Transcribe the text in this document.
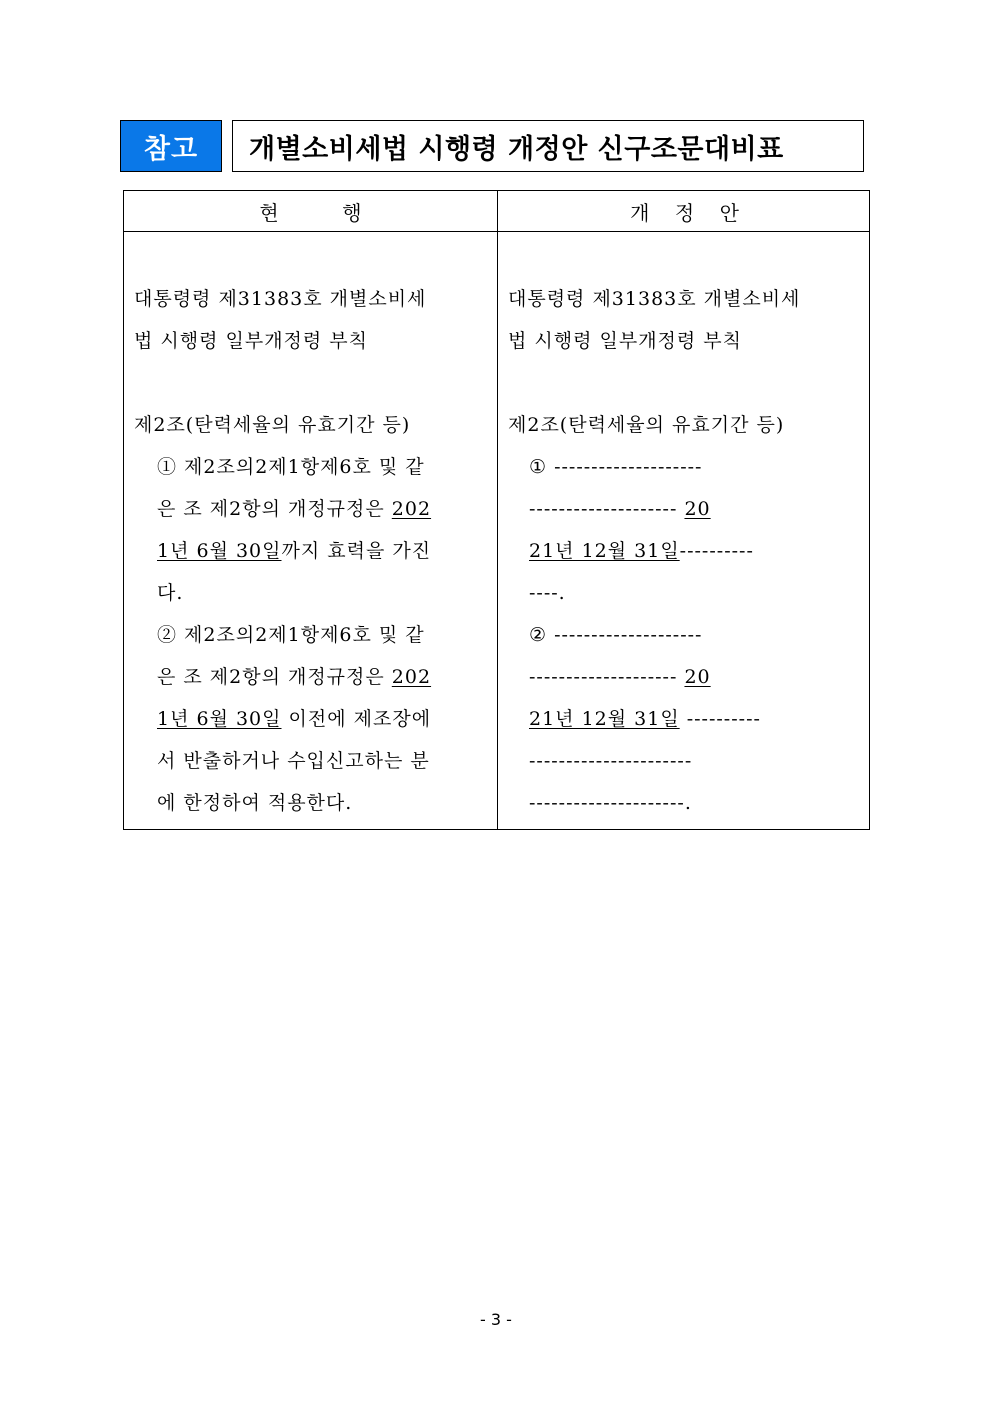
참고	개별소비세법 시행령 개정안 신구조문대비표
현          행	개    정    안
대통령령 제31383호 개별소비세
법 시행령 일부개정령 부칙
제2조(탄력세율의 유효기간 등)
① 제2조의2제1항제6호 및 같
은 조 제2항의 개정규정은 202
1년 6월 30일까지 효력을 가진
다.
② 제2조의2제1항제6호 및 같
은 조 제2항의 개정규정은 202
1년 6월 30일 이전에 제조장에
서 반출하거나 수입신고하는 분
에 한정하여 적용한다.
대통령령 제31383호 개별소비세
법 시행령 일부개정령 부칙
제2조(탄력세율의 유효기간 등)
① --------------------
-------------------- 20
21년 12월 31일----------
----.
② --------------------
-------------------- 20
21년 12월 31일 ----------
----------------------
---------------------.
- 3 -
